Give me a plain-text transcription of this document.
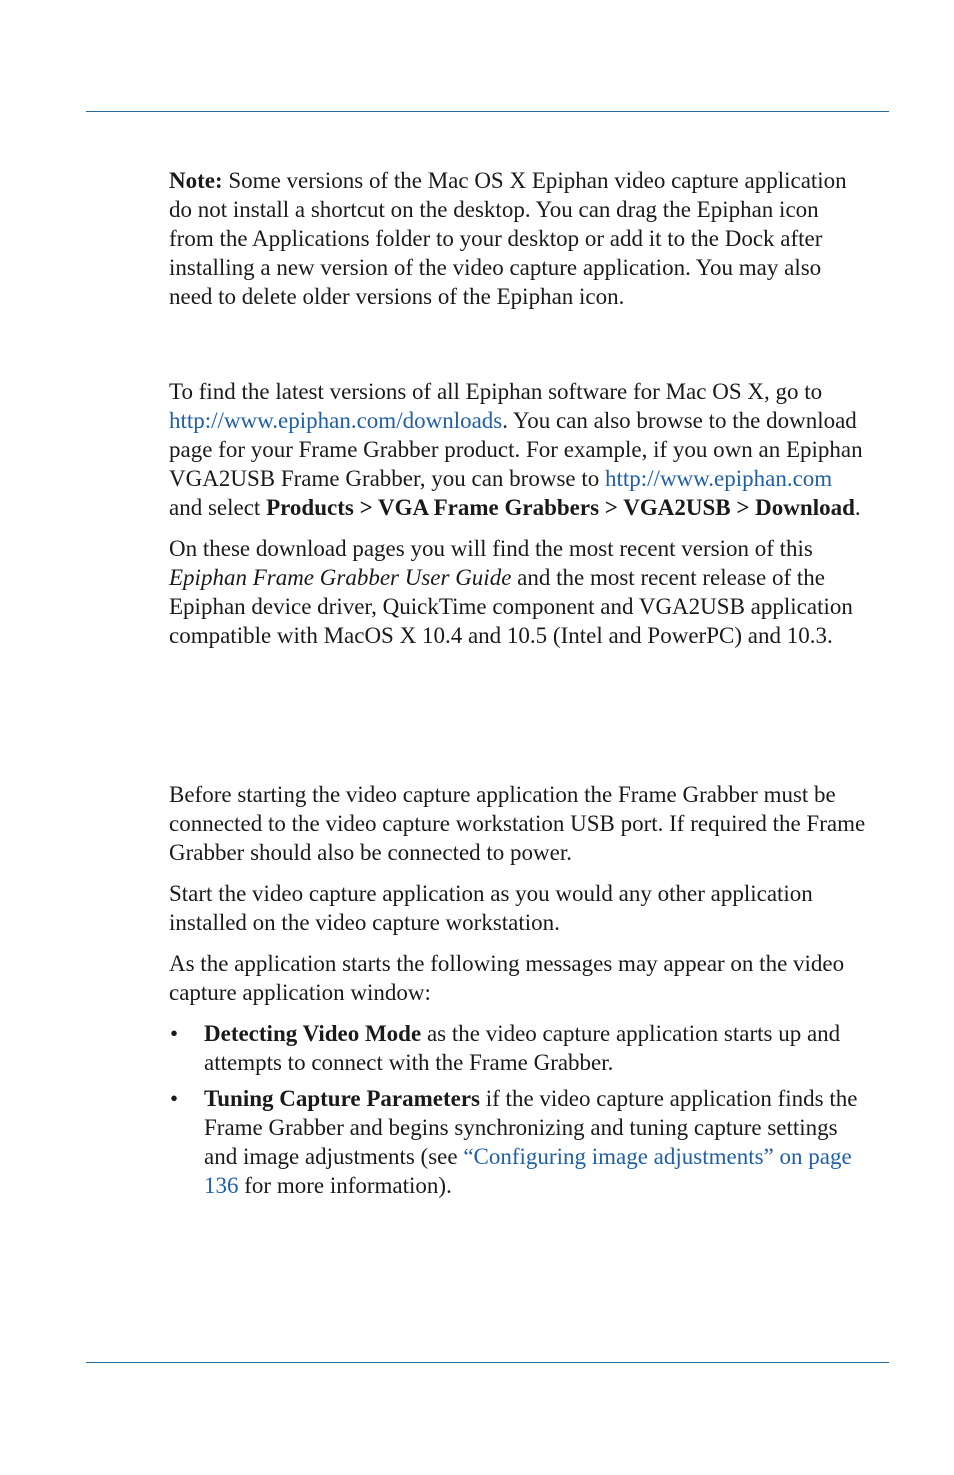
Note: Some versions of the Mac OS X Epiphan video capture application do not install a shortcut on the desktop. You can drag the Epiphan icon from the Applications folder to your desktop or add it to the Dock after installing a new version of the video capture application. You may also need to delete older versions of the Epiphan icon.

To find the latest versions of all Epiphan software for Mac OS X, go to http://www.epiphan.com/downloads. You can also browse to the download page for your Frame Grabber product. For example, if you own an Epiphan VGA2USB Frame Grabber, you can browse to http://www.epiphan.com and select Products > VGA Frame Grabbers > VGA2USB > Download.

On these download pages you will find the most recent version of this Epiphan Frame Grabber User Guide and the most recent release of the Epiphan device driver, QuickTime component and VGA2USB application compatible with MacOS X 10.4 and 10.5 (Intel and PowerPC) and 10.3.

Before starting the video capture application the Frame Grabber must be connected to the video capture workstation USB port. If required the Frame Grabber should also be connected to power.

Start the video capture application as you would any other application installed on the video capture workstation.

As the application starts the following messages may appear on the video capture application window:

• Detecting Video Mode as the video capture application starts up and attempts to connect with the Frame Grabber.
• Tuning Capture Parameters if the video capture application finds the Frame Grabber and begins synchronizing and tuning capture settings and image adjustments (see “Configuring image adjustments” on page 136 for more information).
